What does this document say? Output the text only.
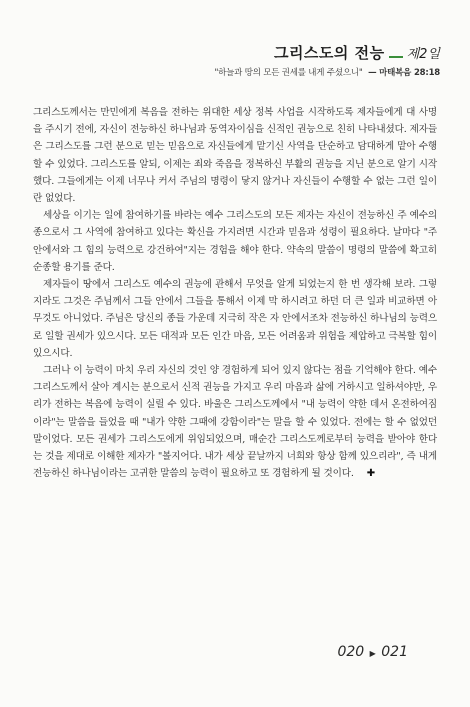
그리스도의 전능 제2일
"하늘과 땅의 모든 권세를 내게 주셨으니" — 마태복음 28:18

그리스도께서는 만민에게 복음을 전하는 위대한 세상 정복 사업을 시작하도록 제자들에게 대 사명을 주시기 전에, 자신이 전능하신 하나님과 동역자이심을 신적인 권능으로 친히 나타내셨다. 제자들은 그리스도를 그런 분으로 믿는 믿음으로 자신들에게 맡기신 사역을 단순하고 담대하게 맡아 수행할 수 있었다. 그리스도를 알되, 이제는 죄와 죽음을 정복하신 부활의 권능을 지닌 분으로 알기 시작했다. 그들에게는 이제 너무나 커서 주님의 명령이 닿지 않거나 자신들이 수행할 수 없는 그런 일이란 없었다.

세상을 이기는 일에 참여하기를 바라는 예수 그리스도의 모든 제자는 자신이 전능하신 주 예수의 종으로서 그 사역에 참여하고 있다는 확신을 가지려면 시간과 믿음과 성령이 필요하다. 날마다 "주 안에서와 그 힘의 능력으로 강건하여"지는 경험을 해야 한다. 약속의 말씀이 명령의 말씀에 확고히 순종할 용기를 준다.

제자들이 땅에서 그리스도 예수의 권능에 관해서 무엇을 알게 되었는지 한 번 생각해 보라. 그렇지라도 그것은 주님께서 그들 안에서 그들을 통해서 이제 막 하시려고 하던 더 큰 일과 비교하면 아무것도 아니었다. 주님은 당신의 종들 가운데 지극히 작은 자 안에서조차 전능하신 하나님의 능력으로 일할 권세가 있으시다. 모든 대적과 모든 인간 마음, 모든 어려움과 위험을 제압하고 극복할 힘이 있으시다.

그러나 이 능력이 마치 우리 자신의 것인 양 경험하게 되어 있지 않다는 점을 기억해야 한다. 예수 그리스도께서 살아 계시는 분으로서 신적 권능을 가지고 우리 마음과 삶에 거하시고 일하셔야만, 우리가 전하는 복음에 능력이 실릴 수 있다. 바울은 그리스도께에서 "내 능력이 약한 데서 온전하여짐이라"는 말씀을 들었을 때 "내가 약한 그때에 강함이라"는 말을 할 수 있었다. 전에는 할 수 없었던 말이었다. 모든 권세가 그리스도에게 위임되었으며, 매순간 그리스도께로부터 능력을 받아야 한다는 것을 제대로 이해한 제자가 "볼지어다. 내가 세상 끝날까지 너희와 항상 함께 있으리라", 즉 내게 전능하신 하나님이라는 고귀한 말씀의 능력이 필요하고 또 경험하게 될 것이다. ✚

020 ▶ 021
